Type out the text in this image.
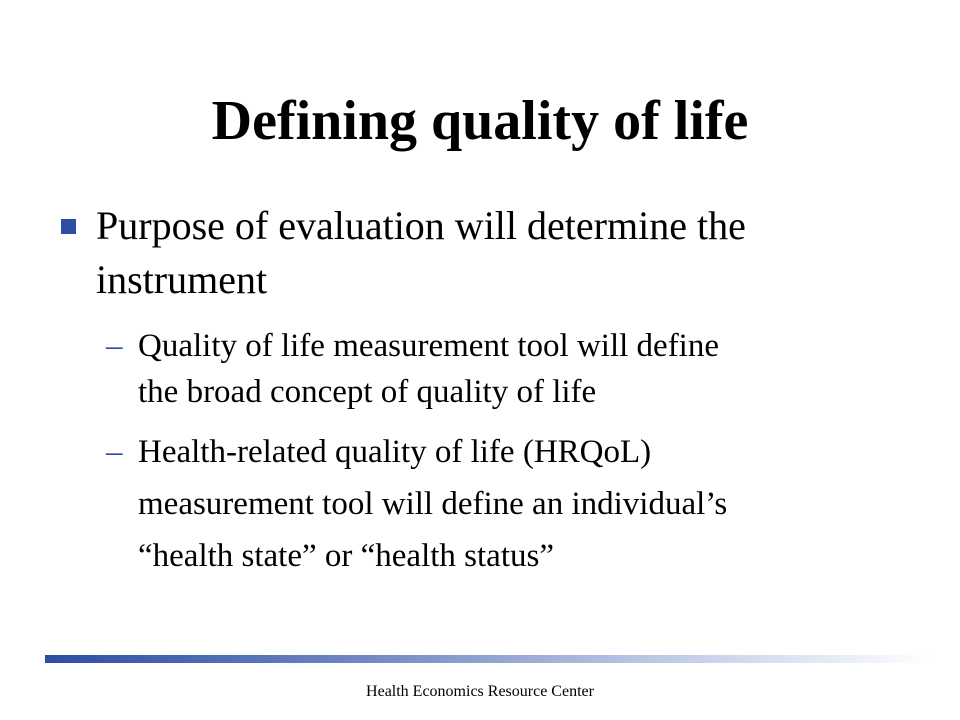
Defining quality of life
Purpose of evaluation will determine the
instrument
– Quality of life measurement tool will define
the broad concept of quality of life
– Health-related quality of life (HRQoL)
measurement tool will define an individual’s
“health state” or “health status”
Health Economics Resource Center
